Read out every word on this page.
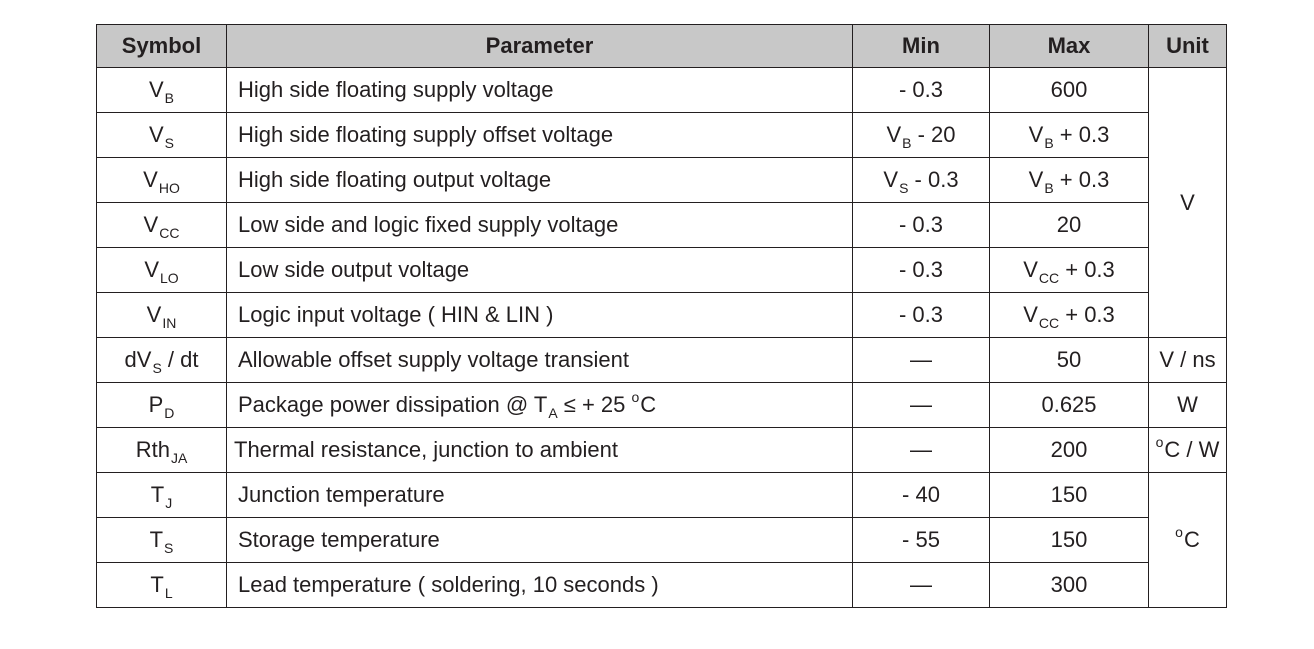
Symbol	Parameter	Min	Max	Unit
$V_B$	High side floating supply voltage	- 0.3	600	V
$V_S$	High side floating supply offset voltage	$V_B - 20$	$V_B + 0.3$	
$V_{HO}$	High side floating output voltage	$V_S - 0.3$	$V_B + 0.3$	
$V_{CC}$	Low side and logic fixed supply voltage	- 0.3	20	
$V_{LO}$	Low side output voltage	- 0.3	$V_{CC} + 0.3$	
$V_{IN}$	Logic input voltage ( HIN & LIN )	- 0.3	$V_{CC} + 0.3$	
$dV_S$ / dt	Allowable offset supply voltage transient	—	50	V / ns
$P_D$	Package power dissipation @ $T_A$ ≤ + 25 $^o$C	—	0.625	W
Rth$_{JA}$	Thermal resistance, junction to ambient	—	200	$^o$C / W
$T_J$	Junction temperature	- 40	150	$^o$C
$T_S$	Storage temperature	- 55	150	
$T_L$	Lead temperature ( soldering, 10 seconds )	—	300	
